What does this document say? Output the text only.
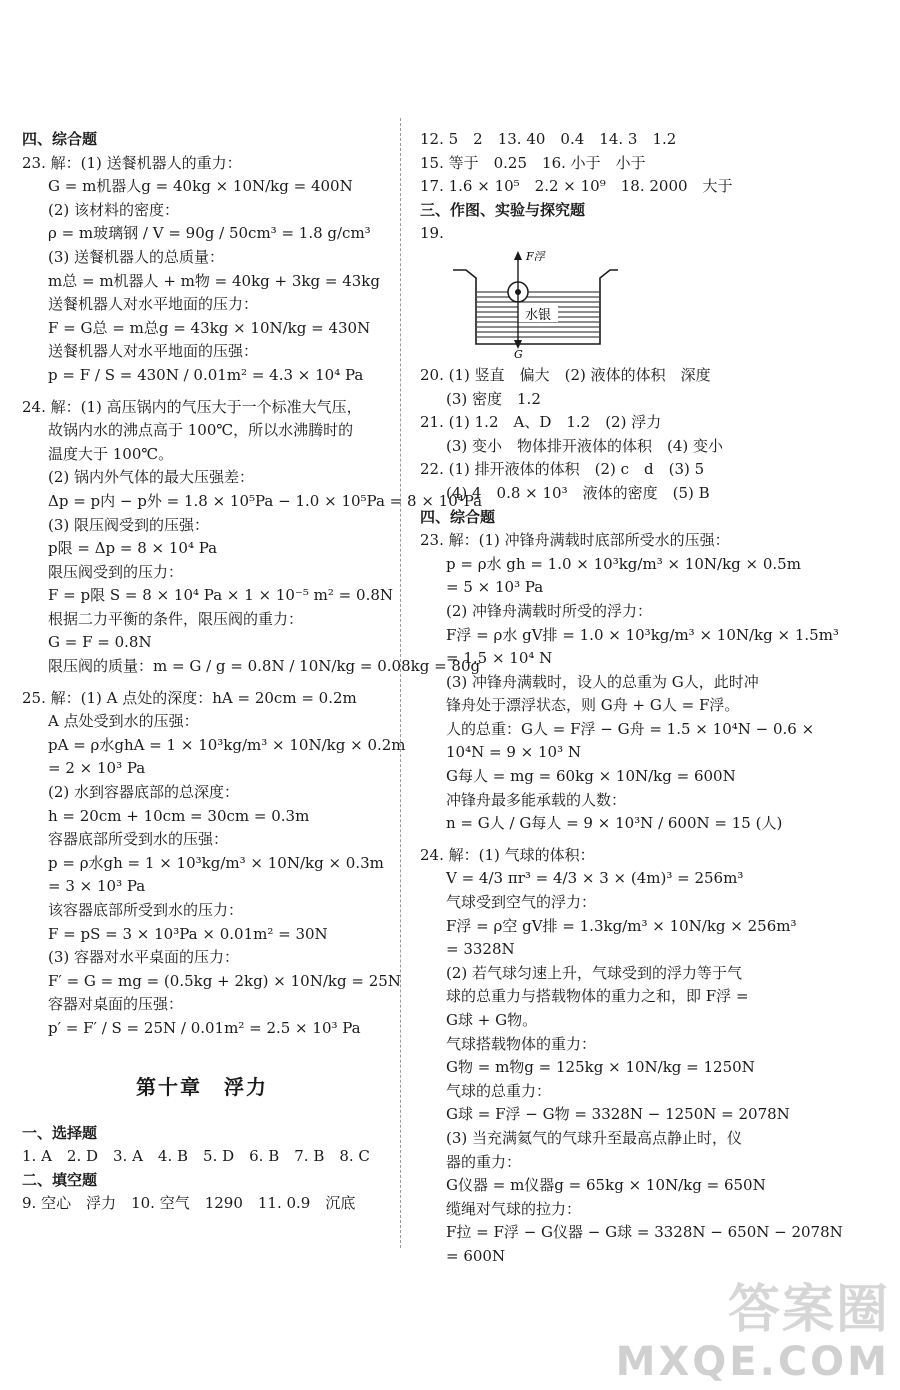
四、综合题
23. 解：(1) 送餐机器人的重力：
G = m机器人g = 40kg × 10N/kg = 400N
(2) 该材料的密度：
ρ = m玻璃钢 / V = 90g / 50cm³ = 1.8 g/cm³
(3) 送餐机器人的总质量：
m总 = m机器人 + m物 = 40kg + 3kg = 43kg
送餐机器人对水平地面的压力：
F = G总 = m总g = 43kg × 10N/kg = 430N
送餐机器人对水平地面的压强：
p = F / S = 430N / 0.01m² = 4.3 × 10⁴ Pa
24. 解：(1) 高压锅内的气压大于一个标准大气压，
故锅内水的沸点高于 100℃，所以水沸腾时的
温度大于 100℃。
(2) 锅内外气体的最大压强差：
Δp = p内 − p外 = 1.8 × 10⁵Pa − 1.0 × 10⁵Pa = 8 × 10⁴Pa
(3) 限压阀受到的压强：
p限 = Δp = 8 × 10⁴ Pa
限压阀受到的压力：
F = p限 S = 8 × 10⁴ Pa × 1 × 10⁻⁵ m² = 0.8N
根据二力平衡的条件，限压阀的重力：
G = F = 0.8N
限压阀的质量：m = G / g = 0.8N / 10N/kg = 0.08kg = 80g
25. 解：(1) A 点处的深度：hA = 20cm = 0.2m
A 点处受到水的压强：
pA = ρ水ghA = 1 × 10³kg/m³ × 10N/kg × 0.2m
= 2 × 10³ Pa
(2) 水到容器底部的总深度：
h = 20cm + 10cm = 30cm = 0.3m
容器底部所受到水的压强：
p = ρ水gh = 1 × 10³kg/m³ × 10N/kg × 0.3m
= 3 × 10³ Pa
该容器底部所受到水的压力：
F = pS = 3 × 10³Pa × 0.01m² = 30N
(3) 容器对水平桌面的压力：
F′ = G = mg = (0.5kg + 2kg) × 10N/kg = 25N
容器对桌面的压强：
p′ = F′ / S = 25N / 0.01m² = 2.5 × 10³ Pa
第十章　浮力
一、选择题
1. A　2. D　3. A　4. B　5. D　6. B　7. B　8. C
二、填空题
9. 空心　浮力　10. 空气　1290　11. 0.9　沉底
12. 5　2　13. 40　0.4　14. 3　1.2
15. 等于　0.25　16. 小于　小于
17. 1.6 × 10⁵　2.2 × 10⁹　18. 2000　大于
三、作图、实验与探究题
19.
水银
F浮
G
20. (1) 竖直　偏大　(2) 液体的体积　深度
(3) 密度　1.2
21. (1) 1.2　A、D　1.2　(2) 浮力
(3) 变小　物体排开液体的体积　(4) 变小
22. (1) 排开液体的体积　(2) c　d　(3) 5
(4) 4　0.8 × 10³　液体的密度　(5) B
四、综合题
23. 解：(1) 冲锋舟满载时底部所受水的压强：
p = ρ水 gh = 1.0 × 10³kg/m³ × 10N/kg × 0.5m
= 5 × 10³ Pa
(2) 冲锋舟满载时所受的浮力：
F浮 = ρ水 gV排 = 1.0 × 10³kg/m³ × 10N/kg × 1.5m³
= 1.5 × 10⁴ N
(3) 冲锋舟满载时，设人的总重为 G人，此时冲
锋舟处于漂浮状态，则 G舟 + G人 = F浮。
人的总重：G人 = F浮 − G舟 = 1.5 × 10⁴N − 0.6 ×
10⁴N = 9 × 10³ N
G每人 = mg = 60kg × 10N/kg = 600N
冲锋舟最多能承载的人数：
n = G人 / G每人 = 9 × 10³N / 600N = 15 (人)
24. 解：(1) 气球的体积：
V = 4/3 πr³ = 4/3 × 3 × (4m)³ = 256m³
气球受到空气的浮力：
F浮 = ρ空 gV排 = 1.3kg/m³ × 10N/kg × 256m³
= 3328N
(2) 若气球匀速上升，气球受到的浮力等于气
球的总重力与搭载物体的重力之和，即 F浮 =
G球 + G物。
气球搭载物体的重力：
G物 = m物g = 125kg × 10N/kg = 1250N
气球的总重力：
G球 = F浮 − G物 = 3328N − 1250N = 2078N
(3) 当充满氦气的气球升至最高点静止时，仪
器的重力：
G仪器 = m仪器g = 65kg × 10N/kg = 650N
缆绳对气球的拉力：
F拉 = F浮 − G仪器 − G球 = 3328N − 650N − 2078N
= 600N
答案圈
MXQE.COM
